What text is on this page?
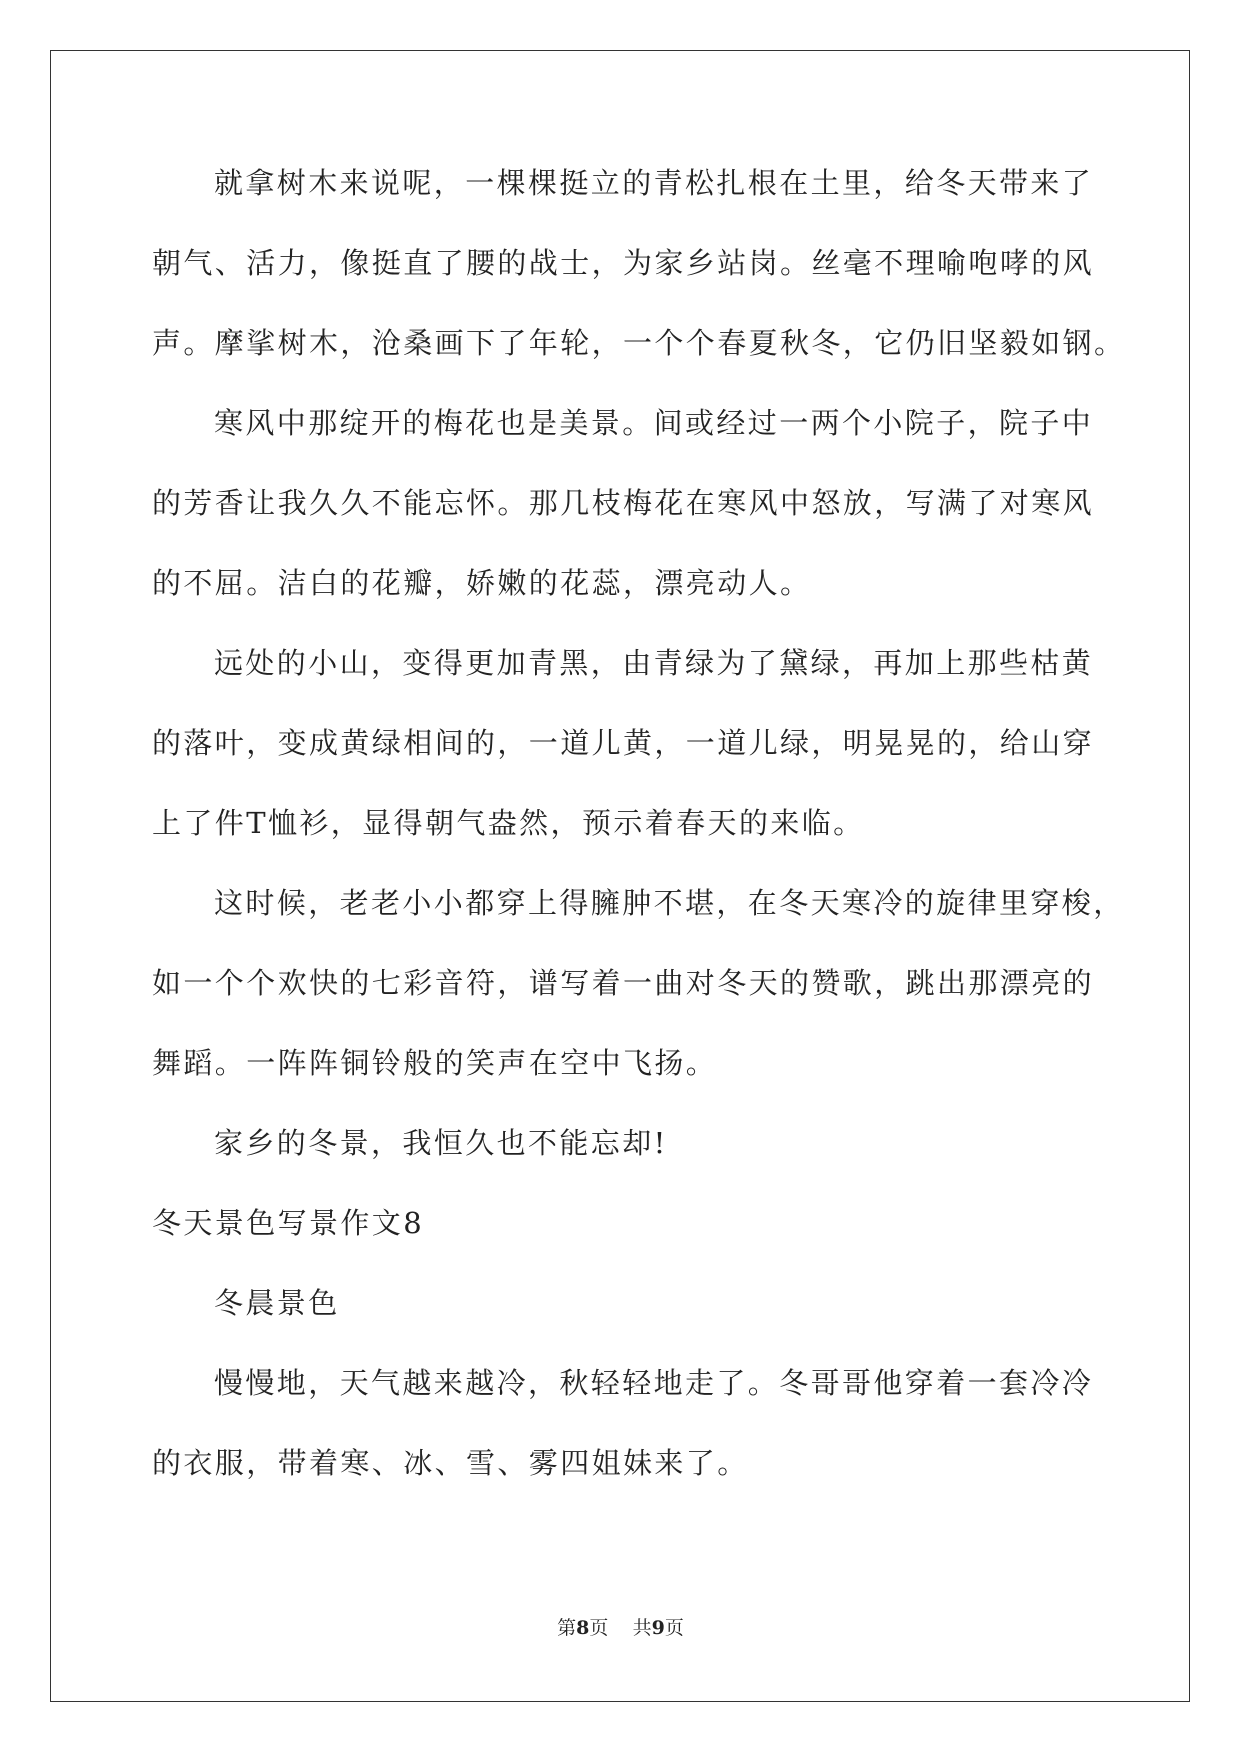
就拿树木来说呢，一棵棵挺立的青松扎根在土里，给冬天带来了
朝气、活力，像挺直了腰的战士，为家乡站岗。丝毫不理喻咆哮的风
声。摩挲树木，沧桑画下了年轮，一个个春夏秋冬，它仍旧坚毅如钢。
寒风中那绽开的梅花也是美景。间或经过一两个小院子，院子中
的芳香让我久久不能忘怀。那几枝梅花在寒风中怒放，写满了对寒风
的不屈。洁白的花瓣，娇嫩的花蕊，漂亮动人。
远处的小山，变得更加青黑，由青绿为了黛绿，再加上那些枯黄
的落叶，变成黄绿相间的，一道儿黄，一道儿绿，明晃晃的，给山穿
上了件T恤衫，显得朝气盎然，预示着春天的来临。
这时候，老老小小都穿上得臃肿不堪，在冬天寒冷的旋律里穿梭，
如一个个欢快的七彩音符，谱写着一曲对冬天的赞歌，跳出那漂亮的
舞蹈。一阵阵铜铃般的笑声在空中飞扬。
家乡的冬景，我恒久也不能忘却!
冬天景色写景作文8
冬晨景色
慢慢地，天气越来越冷，秋轻轻地走了。冬哥哥他穿着一套冷冷
的衣服，带着寒、冰、雪、雾四姐妹来了。
第8页 共9页
